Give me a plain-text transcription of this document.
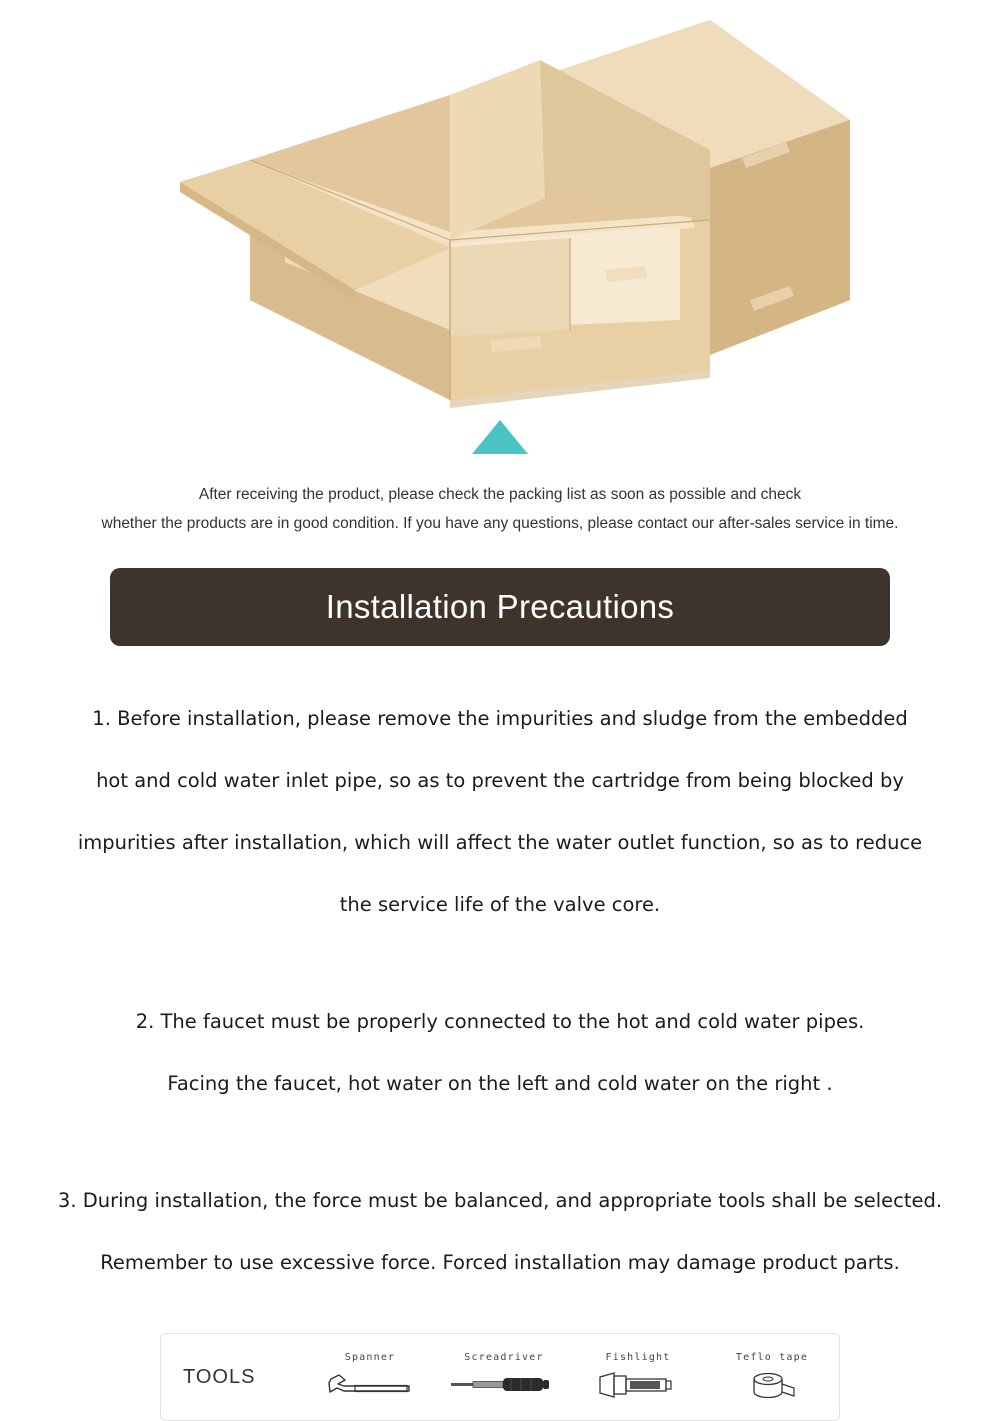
After receiving the product, please check the packing list as soon as possible and check
whether the products are in good condition. If you have any questions, please contact our after-sales service in time.
Installation Precautions

1. Before installation, please remove the impurities and sludge from the embedded

hot and cold water inlet pipe, so as to prevent the cartridge from being blocked by

impurities after installation, which will affect the water outlet function, so as to reduce

the service life of the valve core.

2. The faucet must be properly connected to the hot and cold water pipes.

Facing the faucet, hot water on the left and cold water on the right .

3. During installation, the force must be balanced, and appropriate tools shall be selected.

Remember to use excessive force. Forced installation may damage product parts.

TOOLS
Spanner	Screadriver	Fishlight	Teflo tape
